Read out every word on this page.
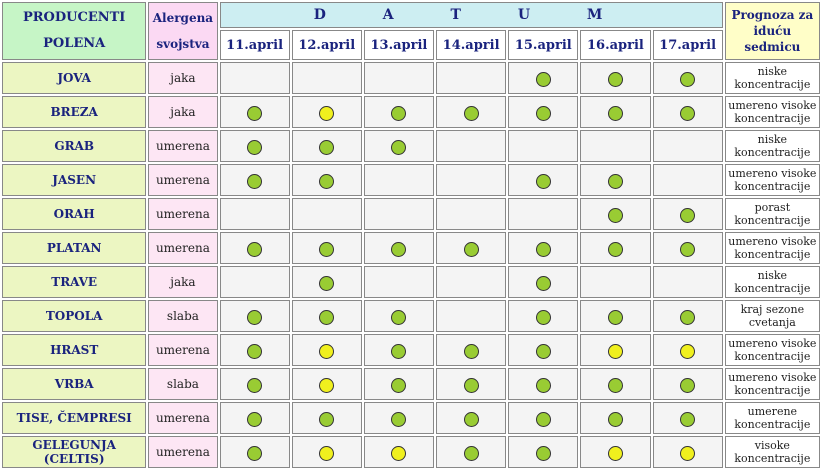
PRODUCENTI POLENA	Alergena svojstva	D A T U M							Prognoza za iduću sedmicu
		11.april	12.april	13.april	14.april	15.april	16.april	17.april	
JOVA	jaka								niske koncentracije
BREZA	jaka								umereno visoke koncentracije
GRAB	umerena								niske koncentracije
JASEN	umerena								umereno visoke koncentracije
ORAH	umerena								porast koncentracije
PLATAN	umerena								umereno visoke koncentracije
TRAVE	jaka								niske koncentracije
TOPOLA	slaba								kraj sezone cvetanja
HRAST	umerena								umereno visoke koncentracije
VRBA	slaba								umereno visoke koncentracije
TISE, ČEMPRESI	umerena								umerene koncentracije
GELEGUNJA (CELTIS)	umerena								visoke koncentracije
